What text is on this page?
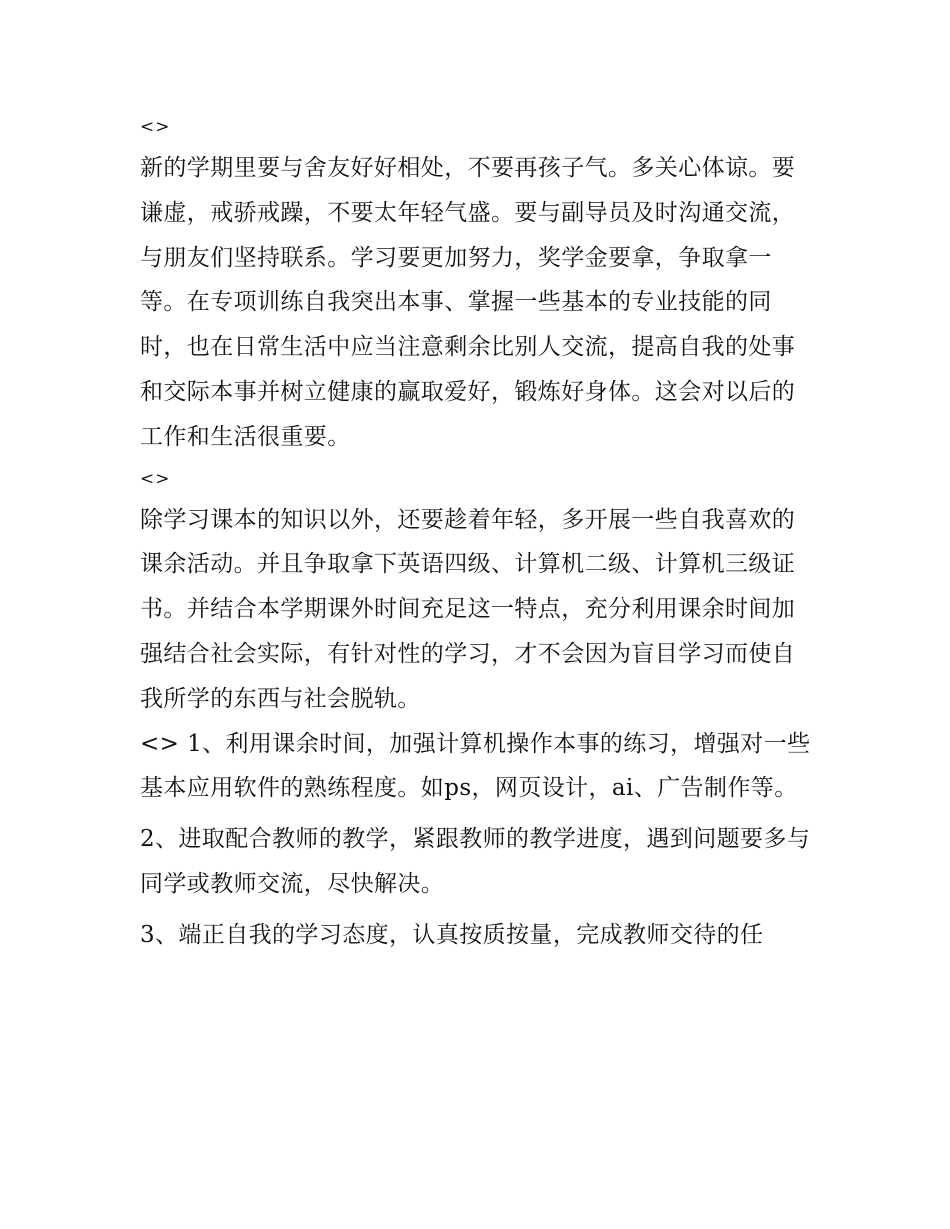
<>

新的学期里要与舍友好好相处，不要再孩子气。多关心体谅。要谦虚，戒骄戒躁，不要太年轻气盛。要与副导员及时沟通交流，与朋友们坚持联系。学习要更加努力，奖学金要拿，争取拿一等。在专项训练自我突出本事、掌握一些基本的专业技能的同时，也在日常生活中应当注意剩余比别人交流，提高自我的处事和交际本事并树立健康的赢取爱好，锻炼好身体。这会对以后的工作和生活很重要。

<>

除学习课本的知识以外，还要趁着年轻，多开展一些自我喜欢的课余活动。并且争取拿下英语四级、计算机二级、计算机三级证书。并结合本学期课外时间充足这一特点，充分利用课余时间加强结合社会实际，有针对性的学习，才不会因为盲目学习而使自我所学的东西与社会脱轨。

<> 1、利用课余时间，加强计算机操作本事的练习，增强对一些基本应用软件的熟练程度。如ps，网页设计，ai、广告制作等。

2、进取配合教师的教学，紧跟教师的教学进度，遇到问题要多与同学或教师交流，尽快解决。

3、端正自我的学习态度，认真按质按量，完成教师交待的任
